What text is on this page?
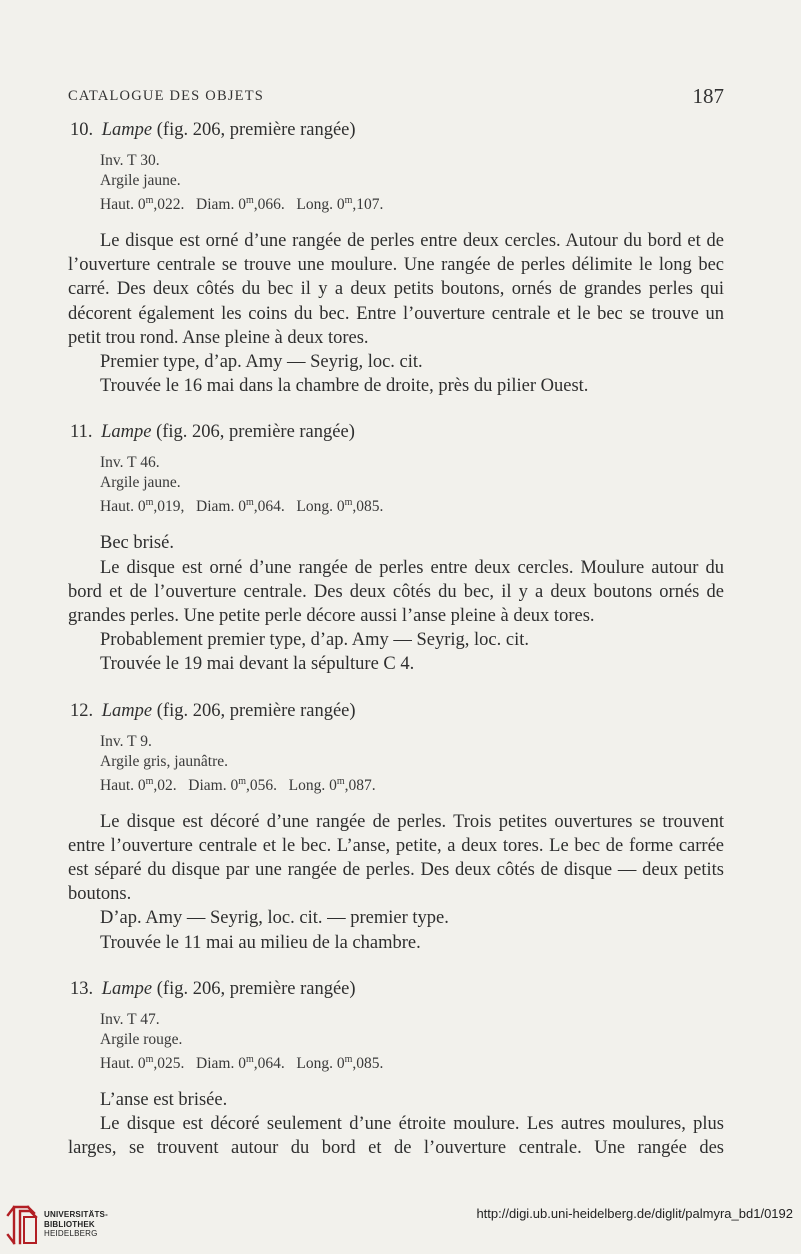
CATALOGUE DES OBJETS	187

10. Lampe (fig. 206, première rangée)

Inv. T 30.
Argile jaune.
Haut. 0$^m$,022. Diam. 0$^m$,066. Long. 0$^m$,107.

Le disque est orné d’une rangée de perles entre deux cercles. Autour du bord et de l’ouverture centrale se trouve une moulure. Une rangée de perles délimite le long bec carré. Des deux côtés du bec il y a deux petits boutons, ornés de grandes perles qui décorent également les coins du bec. Entre l’ouverture centrale et le bec se trouve un petit trou rond. Anse pleine à deux tores.

Premier type, d’ap. Amy — Seyrig, loc. cit.

Trouvée le 16 mai dans la chambre de droite, près du pilier Ouest.

11. Lampe (fig. 206, première rangée)

Inv. T 46.
Argile jaune.
Haut. 0$^m$,019, Diam. 0$^m$,064. Long. 0$^m$,085.

Bec brisé.

Le disque est orné d’une rangée de perles entre deux cercles. Moulure autour du bord et de l’ouverture centrale. Des deux côtés du bec, il y a deux boutons ornés de grandes perles. Une petite perle décore aussi l’anse pleine à deux tores.

Probablement premier type, d’ap. Amy — Seyrig, loc. cit.

Trouvée le 19 mai devant la sépulture C 4.

12. Lampe (fig. 206, première rangée)

Inv. T 9.
Argile gris, jaunâtre.
Haut. 0$^m$,02. Diam. 0$^m$,056. Long. 0$^m$,087.

Le disque est décoré d’une rangée de perles. Trois petites ouvertures se trouvent entre l’ouverture centrale et le bec. L’anse, petite, a deux tores. Le bec de forme carrée est séparé du disque par une rangée de perles. Des deux côtés de disque — deux petits boutons.

D’ap. Amy — Seyrig, loc. cit. — premier type.

Trouvée le 11 mai au milieu de la chambre.

13. Lampe (fig. 206, première rangée)

Inv. T 47.
Argile rouge.
Haut. 0$^m$,025. Diam. 0$^m$,064. Long. 0$^m$,085.

L’anse est brisée.

Le disque est décoré seulement d’une étroite moulure. Les autres moulures, plus larges, se trouvent autour du bord et de l’ouverture centrale. Une rangée des

UNIVERSITÄTS-
BIBLIOTHEK
HEIDELBERG
http://digi.ub.uni-heidelberg.de/diglit/palmyra_bd1/0192
